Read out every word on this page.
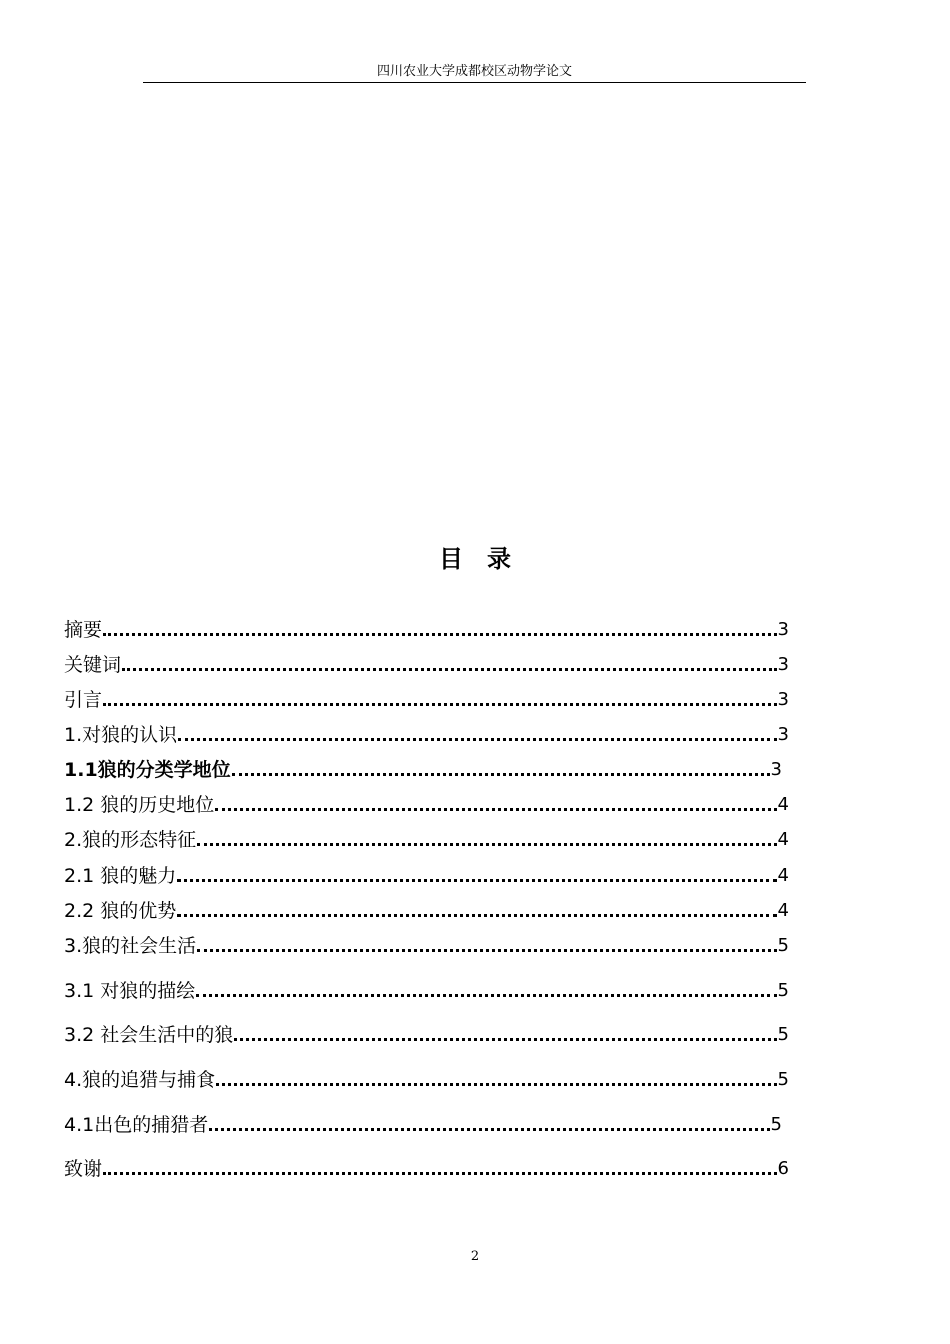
四川农业大学成都校区动物学论文
目 录
摘要	3
关键词	3
引言	3
1.对狼的认识	3
1.1狼的分类学地位	3
1.2 狼的历史地位	4
2.狼的形态特征	4
2.1 狼的魅力	4
2.2 狼的优势	4
3.狼的社会生活	5
3.1 对狼的描绘	5
3.2 社会生活中的狼	5
4.狼的追猎与捕食	5
4.1出色的捕猎者	5
致谢	6
2
